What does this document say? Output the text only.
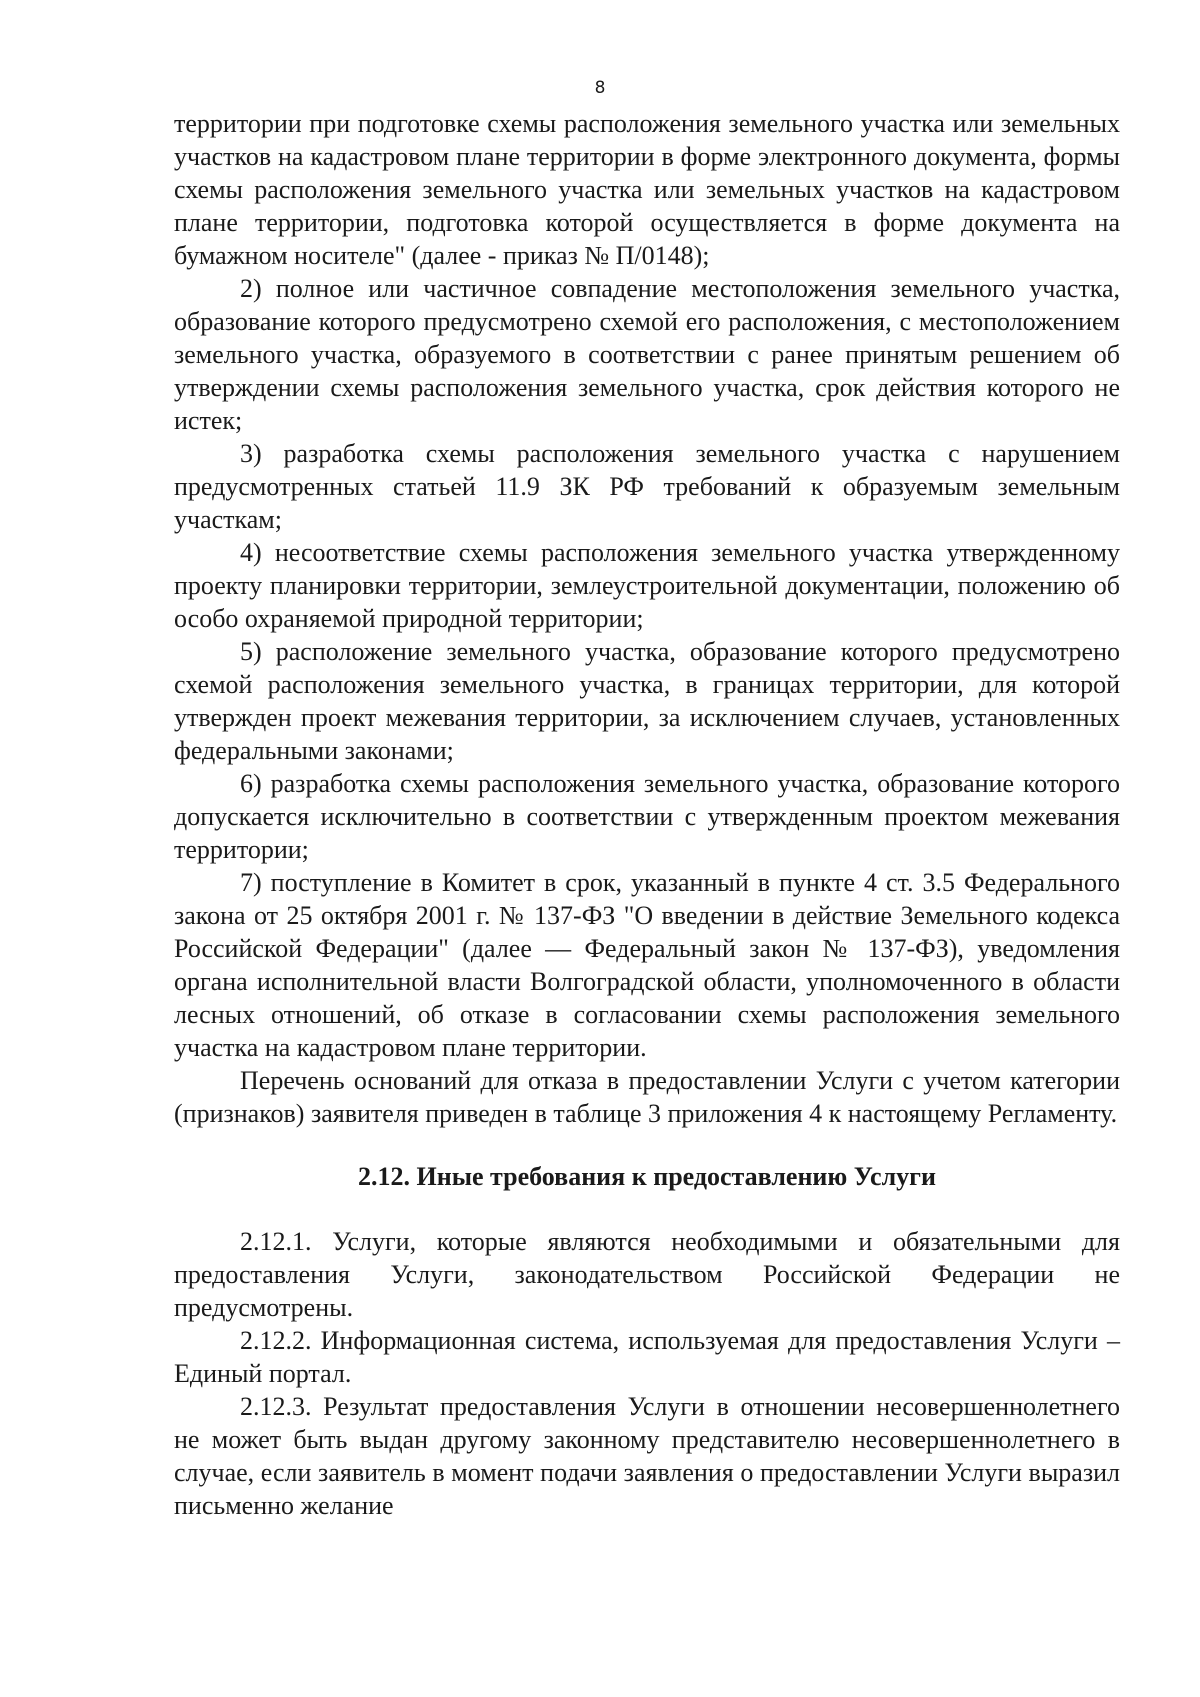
8

территории при подготовке схемы расположения земельного участка или земельных участков на кадастровом плане территории в форме электронного документа, формы схемы расположения земельного участка или земельных участков на кадастровом плане территории, подготовка которой осуществляется в форме документа на бумажном носителе" (далее - приказ № П/0148);

2) полное или частичное совпадение местоположения земельного участка, образование которого предусмотрено схемой его расположения, с местоположением земельного участка, образуемого в соответствии с ранее принятым решением об утверждении схемы расположения земельного участка, срок действия которого не истек;

3) разработка схемы расположения земельного участка с нарушением предусмотренных статьей 11.9 ЗК РФ требований к образуемым земельным участкам;

4) несоответствие схемы расположения земельного участка утвержденному проекту планировки территории, землеустроительной документации, положению об особо охраняемой природной территории;

5) расположение земельного участка, образование которого предусмотрено схемой расположения земельного участка, в границах территории, для которой утвержден проект межевания территории, за исключением случаев, установленных федеральными законами;

6) разработка схемы расположения земельного участка, образование которого допускается исключительно в соответствии с утвержденным проектом межевания территории;

7) поступление в Комитет в срок, указанный в пункте 4 ст. 3.5 Федерального закона от 25 октября 2001 г. № 137-ФЗ "О введении в действие Земельного кодекса Российской Федерации" (далее — Федеральный закон № 137-ФЗ), уведомления органа исполнительной власти Волгоградской области, уполномоченного в области лесных отношений, об отказе в согласовании схемы расположения земельного участка на кадастровом плане территории.

Перечень оснований для отказа в предоставлении Услуги с учетом категории (признаков) заявителя приведен в таблице 3 приложения 4 к настоящему Регламенту.

2.12. Иные требования к предоставлению Услуги

2.12.1. Услуги, которые являются необходимыми и обязательными для предоставления Услуги, законодательством Российской Федерации не предусмотрены.

2.12.2. Информационная система, используемая для предоставления Услуги – Единый портал.

2.12.3. Результат предоставления Услуги в отношении несовершеннолетнего не может быть выдан другому законному представителю несовершеннолетнего в случае, если заявитель в момент подачи заявления о предоставлении Услуги выразил письменно желание
